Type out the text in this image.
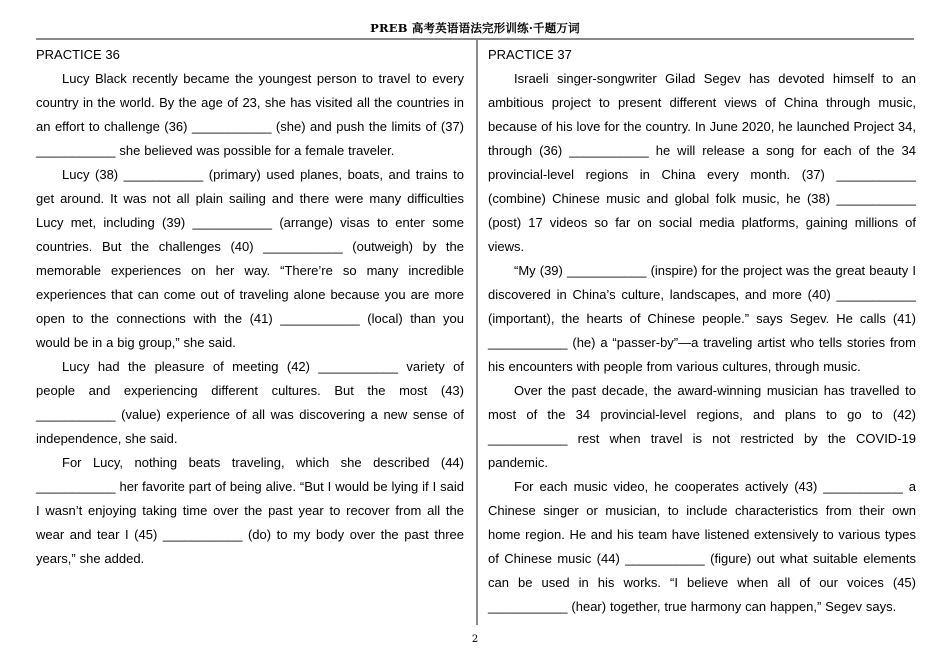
PREB 高考英语语法完形训练·千题万词
PRACTICE 36

Lucy Black recently became the youngest person to travel to every country in the world. By the age of 23, she has visited all the countries in an effort to challenge (36) ___________ (she) and push the limits of (37) ___________ she believed was possible for a female traveler.

Lucy (38) ___________ (primary) used planes, boats, and trains to get around. It was not all plain sailing and there were many difficulties Lucy met, including (39) ___________ (arrange) visas to enter some countries. But the challenges (40) ___________ (outweigh) by the memorable experiences on her way. “There’re so many incredible experiences that can come out of traveling alone because you are more open to the connections with the (41) ___________ (local) than you would be in a big group,” she said.

Lucy had the pleasure of meeting (42) ___________ variety of people and experiencing different cultures. But the most (43) ___________ (value) experience of all was discovering a new sense of independence, she said.

For Lucy, nothing beats traveling, which she described (44) ___________ her favorite part of being alive. “But I would be lying if I said I wasn’t enjoying taking time over the past year to recover from all the wear and tear I (45) ___________ (do) to my body over the past three years,” she added.

PRACTICE 37

Israeli singer-songwriter Gilad Segev has devoted himself to an ambitious project to present different views of China through music, because of his love for the country. In June 2020, he launched Project 34, through (36) ___________ he will release a song for each of the 34 provincial-level regions in China every month. (37) ___________ (combine) Chinese music and global folk music, he (38) ___________ (post) 17 videos so far on social media platforms, gaining millions of views.

“My (39) ___________ (inspire) for the project was the great beauty I discovered in China’s culture, landscapes, and more (40) ___________ (important), the hearts of Chinese people.” says Segev. He calls (41) ___________ (he) a “passer-by”—a traveling artist who tells stories from his encounters with people from various cultures, through music.

Over the past decade, the award-winning musician has travelled to most of the 34 provincial-level regions, and plans to go to (42) ___________ rest when travel is not restricted by the COVID-19 pandemic.

For each music video, he cooperates actively (43) ___________ a Chinese singer or musician, to include characteristics from their own home region. He and his team have listened extensively to various types of Chinese music (44) ___________ (figure) out what suitable elements can be used in his works. “I believe when all of our voices (45) ___________ (hear) together, true harmony can happen,” Segev says.

2
